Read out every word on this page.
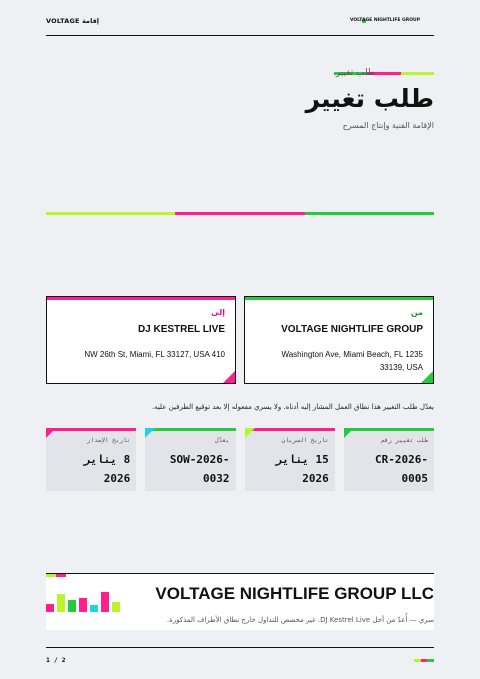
VOLTAGE إقامة	VOLTAGE NIGHTLIFE GROUP
طلب تغيير
طلب تغيير
الإقامة الفنية وإنتاج المسرح
من
VOLTAGE NIGHTLIFE GROUP
Washington Ave, Miami Beach, FL 1235 33139, USA
إلى
DJ KESTREL LIVE
NW 26th St, Miami, FL 33127, USA 410
يعدّل طلب التغيير هذا نطاق العمل المشار إليه أدناه. ولا يسري مفعوله إلا بعد توقيع الطرفين عليه.
طلب تغيير رقم
CR-2026-0005
تاريخ السريان
15 يناير 2026
يعدّل
SOW-2026-0032
تاريخ الإصدار
8 يناير 2026
VOLTAGE NIGHTLIFE GROUP LLC
سري — أُعدّ من أجل DJ Kestrel Live. غير مخصص للتداول خارج نطاق الأطراف المذكورة.
1 / 2
